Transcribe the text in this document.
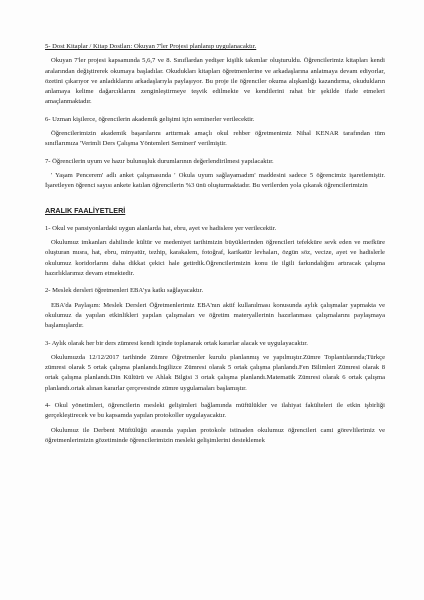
5- Dost Kitaplar / Kitap Dostları: Okuyan 7'ler Projesi planlanıp uygulanacaktır.
Okuyan 7'ler projesi kapsamında 5,6,7 ve 8. Sınıflardan yedişer kişilik takımlar oluşturuldu. Öğrencilerimiz kitapları kendi aralarından değiştirerek okumaya başladılar. Okudukları kitapları öğretmenlerine ve arkadaşlarına anlatmaya devam ediyorlar, özetini çıkarıyor ve anladıklarını arkadaşlarıyla paylaşıyor. Bu proje ile öğrenciler okuma alışkanlığı kazandırma, okudukların anlamaya kelime dağarcıklarını zenginleştirmeye teşvik edilmekte ve kendilerini rahat bir şekilde ifade etmeleri amaçlanmaktadır.
6- Uzman kişilerce, öğrencilerin akademik gelişimi için seminerler verilecektir.
Öğrencilerimizin akademik başarılarını arttırmak amaçlı okul rehber öğretmenimiz Nihal KENAR tarafından tüm sınıflarımıza 'Verimli Ders Çalışma Yöntemleri Semineri' verilmiştir.
7- Öğrencilerin uyum ve hazır bulunuşluk durumlarının değerlendirilmesi yapılacaktır.
' Yaşam Pencerem' adlı anket çalışmasında ' Okula uyum sağlayamadım' maddesini sadece 5 öğrencimiz işaretlemiştir. İşaretleyen öğrenci sayısı ankete katılan öğrencilerin %3 ünü oluşturmaktadır. Bu verilerden yola çıkarak öğrencilerimizin
ARALIK FAALİYETLERİ
1- Okul ve pansiyonlardaki uygun alanlarda hat, ebru, ayet ve hadislere yer verilecektir.
Okulumuz imkanları dahilinde kültür ve medeniyet tarihimizin büyüklerinden öğrencileri tefekküre sevk eden ve mefküre oluşturan mısra, hat, ebru, minyatür, tezhip, karakalem, fotoğraf, karikatür levhaları, özgün söz, vecize, ayet ve hadislerle okulumuz koridorlarını daha dikkat çekici hale getirdik.Öğrencilerimizin konu ile ilgili farkındalığını artıracak çalışma hazırlıklarımız devam etmektedir.
2- Meslek dersleri öğretmenleri EBA'ya katkı sağlayacaktır.
EBA'da Paylaşım: Meslek Dersleri Öğretmenlerimiz EBA'nın aktif kullanılması konusunda aylık çalışmalar yapmakta ve okulumuz da yapılan etkinlikleri yapılan çalışmaları ve öğretim materyallerinin hazırlanması çalışmalarını paylaşmaya başlamışlardır.
3- Aylık olarak her bir ders zümresi kendi içinde toplanarak ortak kararlar alacak ve uygulayacaktır.
Okulumuzda 12/12/2017 tarihinde Zümre Öğretmenler kurulu planlanmış ve yapılmıştır.Zümre Toplantılarında;Türkçe zümresi olarak 5 ortak çalışma planlandı.İngilizce Zümresi olarak 5 ortak çalışma planlandı.Fen Bilimleri Zümresi olarak 8 ortak çalışma planlandı.Din Kültürü ve Ahlak Bilgisi 3 ortak çalışma planlandı.Matematik Zümresi olarak 6 ortak çalışma planlandı.ortak alınan kararlar çerçevesinde zümre uygulamaları başlamıştır.
4- Okul yönetimleri, öğrencilerin mesleki gelişimleri bağlamında müftülükler ve ilahiyat fakülteleri ile etkin işbirliği gerçekleştirecek ve bu kapsamda yapılan protokoller uygulayacaktır.
Okulumuz ile Derbent Müftülüğü arasında yapılan protokole istinaden okulumuz öğrencileri cami görevlilerimiz ve öğretmenlerimizin gözetiminde öğrencilerimizin mesleki gelişimlerini desteklemek
